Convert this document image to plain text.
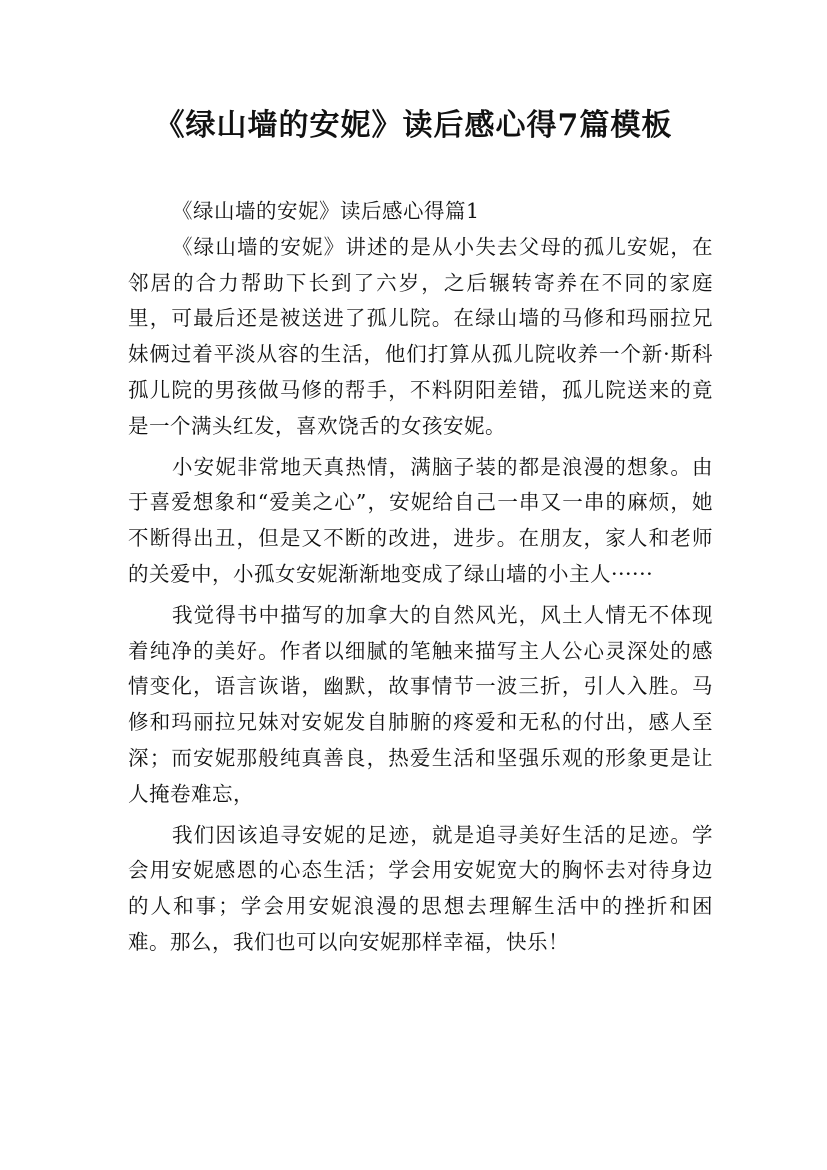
《绿山墙的安妮》读后感心得7篇模板

《绿山墙的安妮》读后感心得篇1

《绿山墙的安妮》讲述的是从小失去父母的孤儿安妮，在邻居的合力帮助下长到了六岁，之后辗转寄养在不同的家庭里，可最后还是被送进了孤儿院。在绿山墙的马修和玛丽拉兄妹俩过着平淡从容的生活，他们打算从孤儿院收养一个新·斯科孤儿院的男孩做马修的帮手，不料阴阳差错，孤儿院送来的竟是一个满头红发，喜欢饶舌的女孩安妮。

小安妮非常地天真热情，满脑子装的都是浪漫的想象。由于喜爱想象和“爱美之心”，安妮给自己一串又一串的麻烦，她不断得出丑，但是又不断的改进，进步。在朋友，家人和老师的关爱中，小孤女安妮渐渐地变成了绿山墙的小主人······

我觉得书中描写的加拿大的自然风光，风土人情无不体现着纯净的美好。作者以细腻的笔触来描写主人公心灵深处的感情变化，语言诙谐，幽默，故事情节一波三折，引人入胜。马修和玛丽拉兄妹对安妮发自肺腑的疼爱和无私的付出，感人至深；而安妮那般纯真善良，热爱生活和坚强乐观的形象更是让人掩卷难忘，

我们因该追寻安妮的足迹，就是追寻美好生活的足迹。学会用安妮感恩的心态生活；学会用安妮宽大的胸怀去对待身边的人和事；学会用安妮浪漫的思想去理解生活中的挫折和困难。那么，我们也可以向安妮那样幸福，快乐！
